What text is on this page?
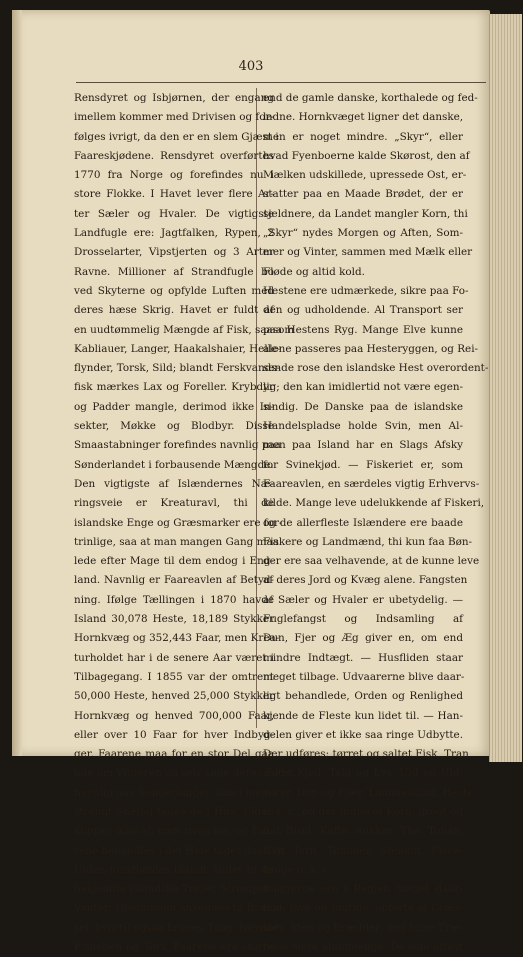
403
Rensdyret og Isbjørnen, der engang
imellem kommer med Drivisen og for-
følges ivrigt, da den er en slem Gjæst i
Faareskjødene. Rensdyret overførtes
1770 fra Norge og forefindes nu i
store Flokke. I Havet lever flere Ar-
ter Sæler og Hvaler. De vigtigste
Landfugle ere: Jagtfalken, Rypen, 2
Drosselarter, Vipstjerten og 3 Arter
Ravne. Millioner af Strandfugle bo
ved Skyterne og opfylde Luften med
deres hæse Skrig. Havet er fuldt af
en uudtømmelig Mængde af Fisk, saasom
Kabliauer, Langer, Haakalshaier, Helle-
flynder, Torsk, Sild; blandt Ferskvands-
fisk mærkes Lax og Foreller. Krybdyr
og Padder mangle, derimod ikke In-
sekter, Møkke og Blodbyr. Disse
Smaastabninger forefindes navnlig paa
Sønderlandet i forbausende Mængde.
Den vigtigste af Islændernes Næ-
ringsveie er Kreaturavl, thi de
islandske Enge og Græsmarker ere for-
trinlige, saa at man mangen Gang maa
lede efter Mage til dem endog i Eng-
land. Navnlig er Faareavlen af Betyd-
ning. Ifølge Tællingen i 1870 havde
Island 30,078 Heste, 18,189 Stykker
Hornkvæg og 352,443 Faar, men Krea-
turholdet har i de senere Aar været i
Tilbagegang. I 1855 var der omtrent
50,000 Heste, henved 25,000 Stykker
Hornkvæg og henved 700,000 Faar,
eller over 10 Faar for hver Indbyg-
ger. Faarene maa for en stor Del gaa
ude om Vinteren og selv søge deres Føde,
navnlig paa Sønderlandet; kan i meget
strengt Snefog tages de i Hus. Ulden
klippes ikke af, men rives løs, og Faa-
rene behandles i det Hele taget daarligt.
Ulden forarbeides blandt Andet til de
bekjendte islandske Trøier, Strømper og
Vanter; Gjødningen anvendes til Brænd-
sel, hvortil ogsaa bruges Tang, tørrede
Fiskeben og Tørv. Faarene ere større
end de gamle danske, korthalede og fed-
ladne. Hornkvæget ligner det danske,
men er noget mindre. „Skyr“, eller
hvad Fyenboerne kalde Skørost, den af
Mælken udskillede, upressede Ost, er-
statter paa en Maade Brødet, der er
sjeldnere, da Landet mangler Korn, thi
„Skyr“ nydes Morgen og Aften, Som-
mer og Vinter, sammen med Mælk eller
Fløde og altid kold.
Hestene ere udmærkede, sikre paa Fo-
den og udholdende. Al Transport ser
paa Hestens Ryg. Mange Elve kunne
alene passeres paa Hesteryggen, og Rei-
sende rose den islandske Hest overordent-
lig; den kan imidlertid not være egen-
sindig. De Danske paa de islandske
Handelspladse holde Svin, men Al-
men paa Island har en Slags Afsky
for Svinekjød. — Fiskeriet er, som
Faareavlen, en særdeles vigtig Erhvervs-
kilde. Mange leve udelukkende af Fiskeri,
og de allerfleste Islændere ere baade
Fiskere og Landmænd, thi kun faa Bøn-
der ere saa velhavende, at de kunne leve
af deres Jord og Kvæg alene. Fangsten
af Sæler og Hvaler er ubetydelig. —
Fuglefangst og Indsamling af
Dun, Fjer og Æg giver en, om end
mindre Indtægt. — Husfliden staar
meget tilbage. Udvaarerne blive daar-
ligt behandlede, Orden og Renlighed
kjende de Fleste kun lidet til. — Han-
delen giver et ikke saa ringe Udbytte.
Der udføres: tørret og saltet Fisk, Tran,
saltet Kjød, Talg og Lys, Uld og Uld-
varer, Dun og Fjær, Lammeskind, Heste
o. s. v., og der indføres Korn, groot og
fint Brød, Kaffe, Sukker, The, Tobak,
Salt, Jern, Tømmer, Stenkul, Fiske-
kroge o. s. v.
Boligerne ere i Reglen meget daar-
lige, lave og fugtige, opførte af Græs-
torv, Sten og Brædder; deg blive Træ-
huse mere almindelige. De som oftest
